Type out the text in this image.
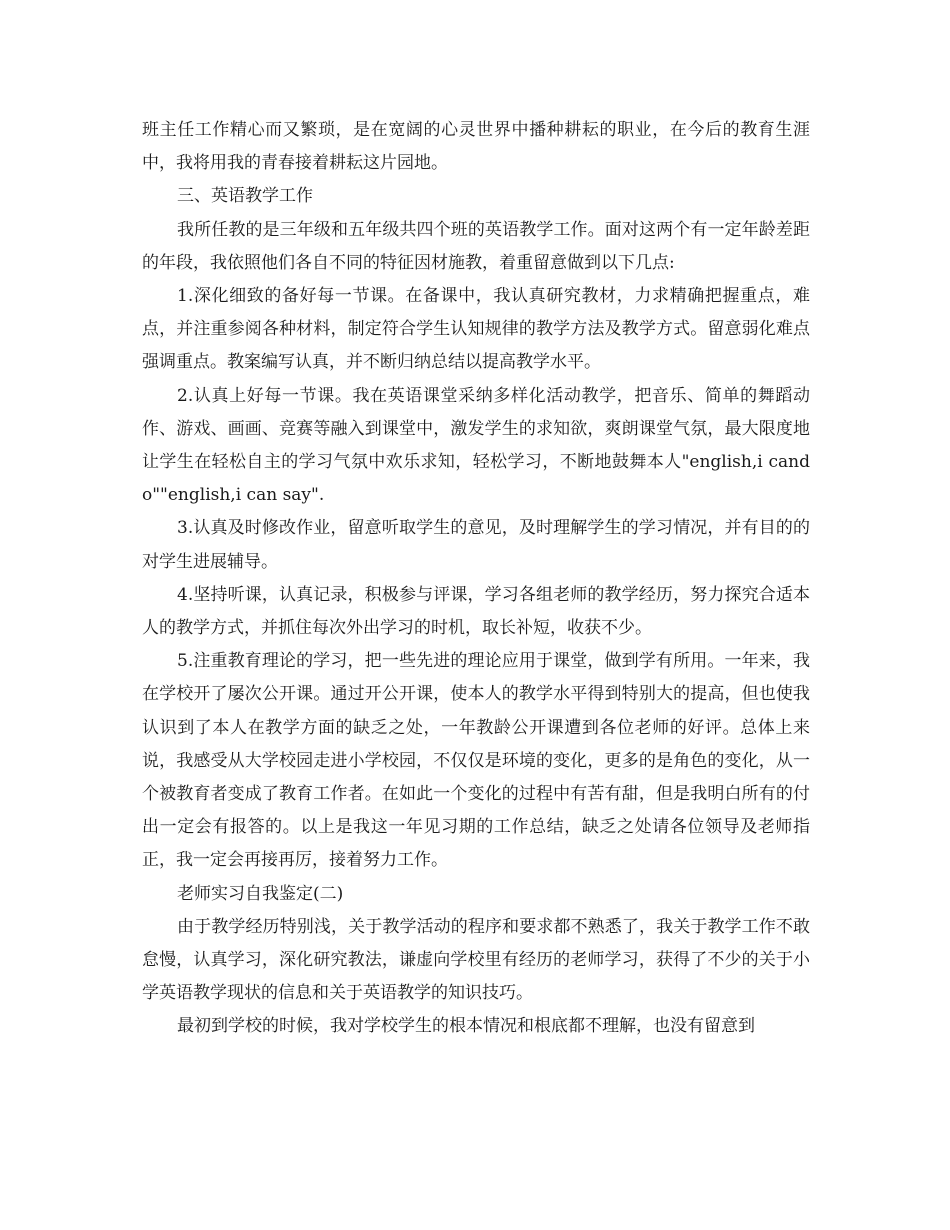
班主任工作精心而又繁琐，是在宽阔的心灵世界中播种耕耘的职业，在今后的教育生涯中，我将用我的青春接着耕耘这片园地。

三、英语教学工作

我所任教的是三年级和五年级共四个班的英语教学工作。面对这两个有一定年龄差距的年段，我依照他们各自不同的特征因材施教，着重留意做到以下几点:

1.深化细致的备好每一节课。在备课中，我认真研究教材，力求精确把握重点，难点，并注重参阅各种材料，制定符合学生认知规律的教学方法及教学方式。留意弱化难点强调重点。教案编写认真，并不断归纳总结以提高教学水平。

2.认真上好每一节课。我在英语课堂采纳多样化活动教学，把音乐、简单的舞蹈动作、游戏、画画、竞赛等融入到课堂中，激发学生的求知欲，爽朗课堂气氛，最大限度地让学生在轻松自主的学习气氛中欢乐求知，轻松学习，不断地鼓舞本人"english,i cando""english,i can say".

3.认真及时修改作业，留意听取学生的意见，及时理解学生的学习情况，并有目的的对学生进展辅导。

4.坚持听课，认真记录，积极参与评课，学习各组老师的教学经历，努力探究合适本人的教学方式，并抓住每次外出学习的时机，取长补短，收获不少。

5.注重教育理论的学习，把一些先进的理论应用于课堂，做到学有所用。一年来，我在学校开了屡次公开课。通过开公开课，使本人的教学水平得到特别大的提高，但也使我认识到了本人在教学方面的缺乏之处，一年教龄公开课遭到各位老师的好评。总体上来说，我感受从大学校园走进小学校园，不仅仅是环境的变化，更多的是角色的变化，从一个被教育者变成了教育工作者。在如此一个变化的过程中有苦有甜，但是我明白所有的付出一定会有报答的。以上是我这一年见习期的工作总结，缺乏之处请各位领导及老师指正，我一定会再接再厉，接着努力工作。

老师实习自我鉴定(二)

由于教学经历特别浅，关于教学活动的程序和要求都不熟悉了，我关于教学工作不敢怠慢，认真学习，深化研究教法，谦虚向学校里有经历的老师学习，获得了不少的关于小学英语教学现状的信息和关于英语教学的知识技巧。

最初到学校的时候，我对学校学生的根本情况和根底都不理解，也没有留意到
